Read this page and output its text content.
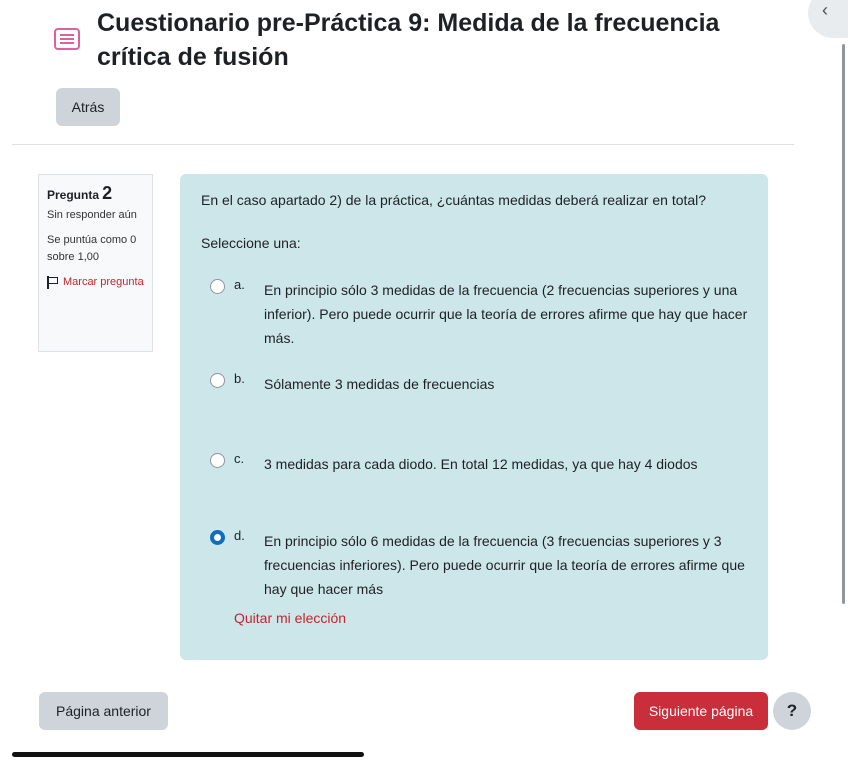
Cuestionario pre-Práctica 9: Medida de la frecuencia crítica de fusión
‹
Atrás
Pregunta 2
Sin responder aún
Se puntúa como 0 sobre 1,00
Marcar pregunta
En el caso apartado 2) de la práctica, ¿cuántas medidas deberá realizar en total?
Seleccione una:
a. En principio sólo 3 medidas de la frecuencia (2 frecuencias superiores y una inferior). Pero puede ocurrir que la teoría de errores afirme que hay que hacer más.
b. Sólamente 3 medidas de frecuencias
c. 3 medidas para cada diodo. En total 12 medidas, ya que hay 4 diodos
d. En principio sólo 6 medidas de la frecuencia (3 frecuencias superiores y 3 frecuencias inferiores). Pero puede ocurrir que la teoría de errores afirme que hay que hacer más
Quitar mi elección
Página anterior	Siguiente página	?
